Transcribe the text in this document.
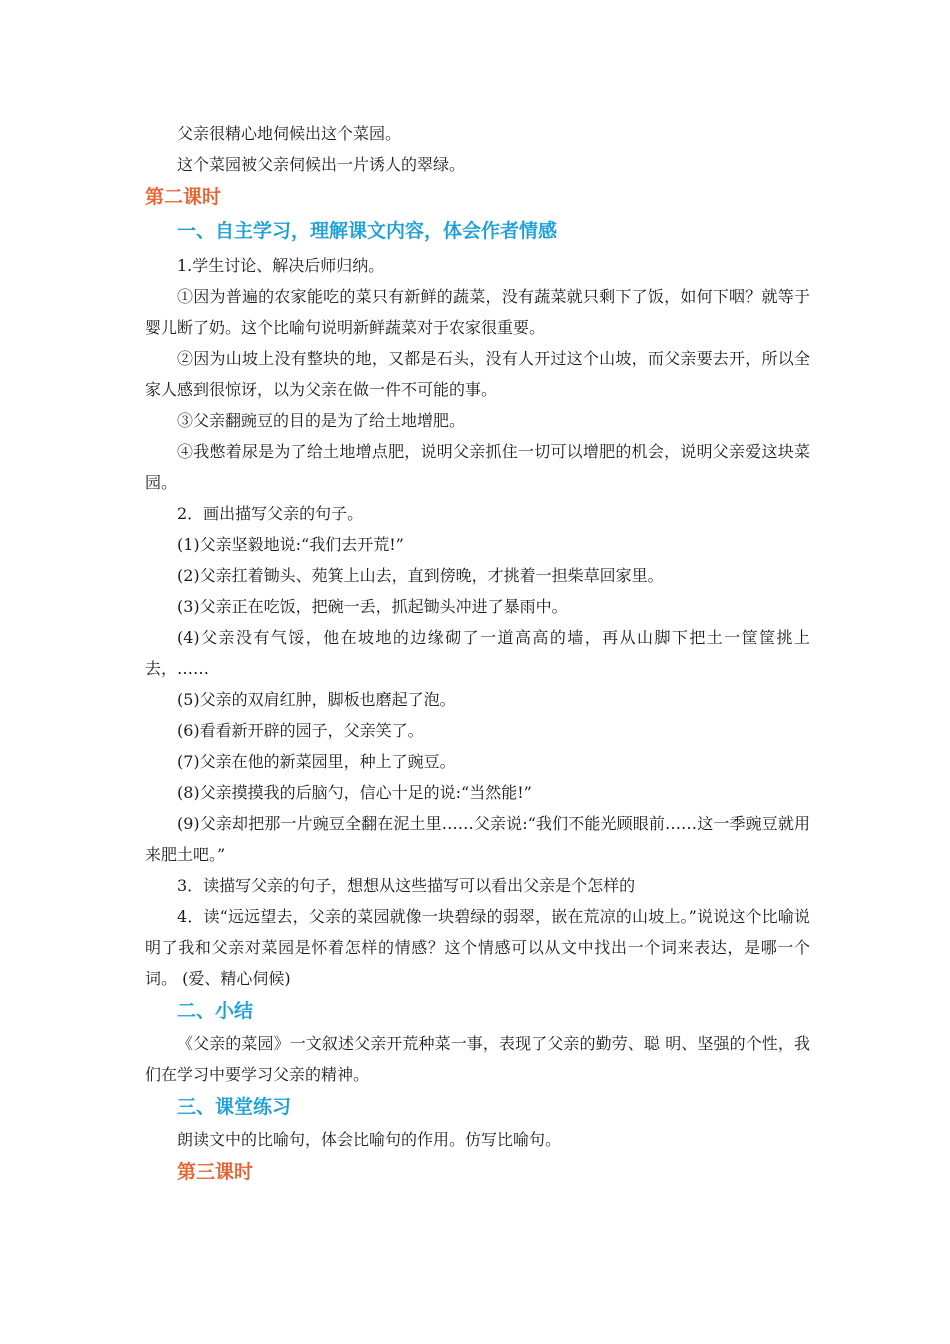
父亲很精心地伺候出这个菜园。

这个菜园被父亲伺候出一片诱人的翠绿。

第二课时
一、自主学习，理解课文内容，体会作者情感

1.学生讨论、解决后师归纳。

①因为普遍的农家能吃的菜只有新鲜的蔬菜，没有蔬菜就只剩下了饭，如何下咽？就等于婴儿断了奶。这个比喻句说明新鲜蔬菜对于农家很重要。

②因为山坡上没有整块的地，又都是石头，没有人开过这个山坡，而父亲要去开，所以全家人感到很惊讶，以为父亲在做一件不可能的事。

③父亲翻豌豆的目的是为了给土地增肥。

④我憋着尿是为了给土地增点肥，说明父亲抓住一切可以增肥的机会，说明父亲爱这块菜园。

2．画出描写父亲的句子。

(1)父亲坚毅地说:“我们去开荒!”

(2)父亲扛着锄头、苑箕上山去，直到傍晚，才挑着一担柴草回家里。

(3)父亲正在吃饭，把碗一丢，抓起锄头冲进了暴雨中。

(4)父亲没有气馁，他在坡地的边缘砌了一道高高的墙，再从山脚下把土一筐筐挑上去，……

(5)父亲的双肩红肿，脚板也磨起了泡。

(6)看看新开辟的园子，父亲笑了。

(7)父亲在他的新菜园里，种上了豌豆。

(8)父亲摸摸我的后脑勺，信心十足的说:“当然能!”

(9)父亲却把那一片豌豆全翻在泥土里……父亲说:“我们不能光顾眼前……这一季豌豆就用来肥土吧。”

3．读描写父亲的句子，想想从这些描写可以看出父亲是个怎样的

4．读“远远望去，父亲的菜园就像一块碧绿的弱翠，嵌在荒凉的山坡上。”说说这个比喻说明了我和父亲对菜园是怀着怎样的情感？这个情感可以从文中找出一个词来表达，是哪一个词。 (爱、精心伺候)

二、小结

《父亲的菜园》一文叙述父亲开荒种菜一事，表现了父亲的勤劳、聪 明、坚强的个性，我们在学习中要学习父亲的精神。

三、课堂练习

朗读文中的比喻句，体会比喻句的作用。仿写比喻句。

第三课时
